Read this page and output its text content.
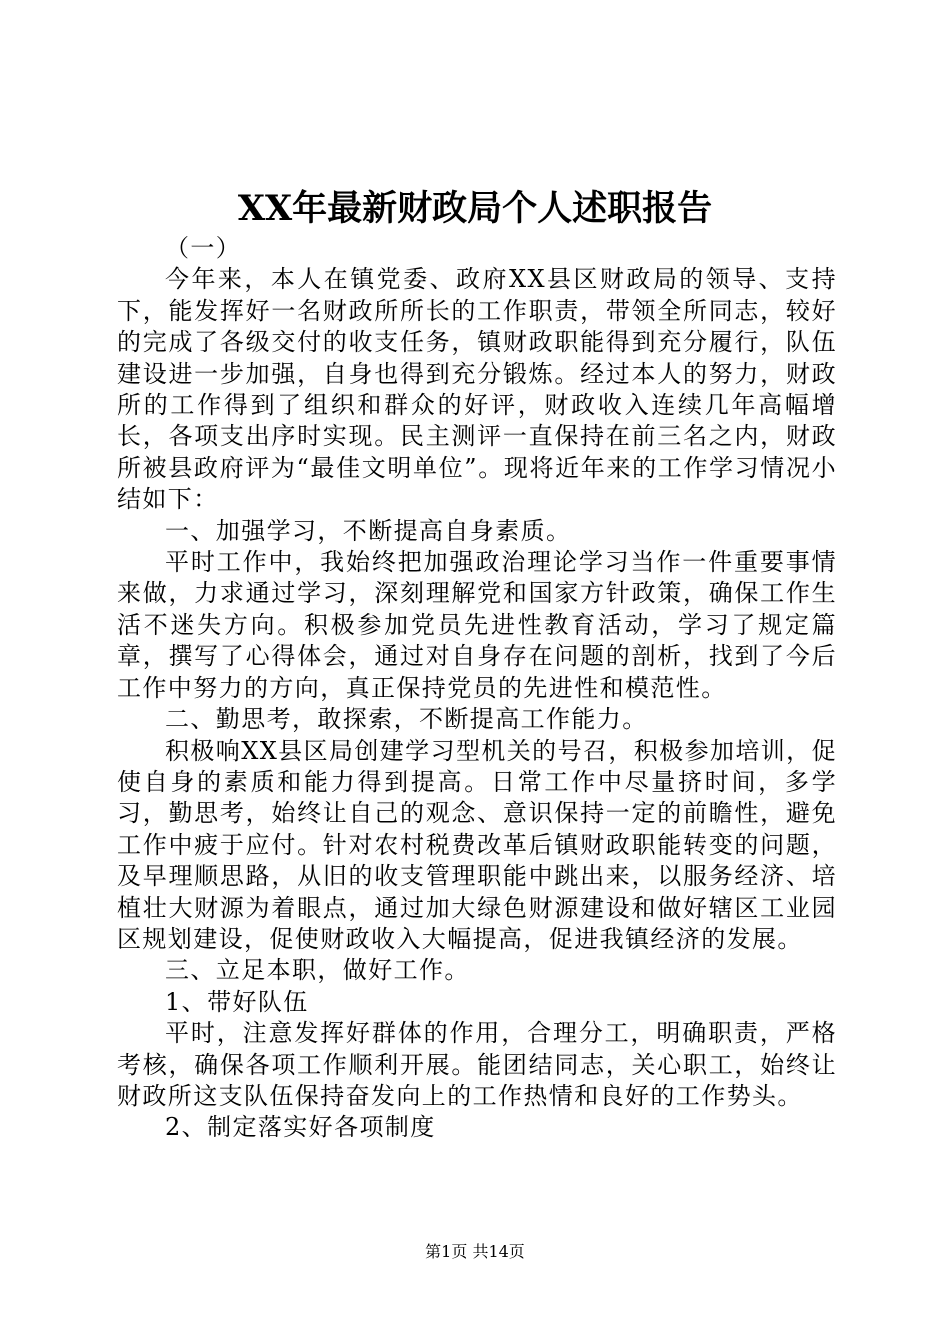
XX年最新财政局个人述职报告

（一）

今年来，本人在镇党委、政府XX县区财政局的领导、支持下，能发挥好一名财政所所长的工作职责，带领全所同志，较好的完成了各级交付的收支任务，镇财政职能得到充分履行，队伍建设进一步加强，自身也得到充分锻炼。经过本人的努力，财政所的工作得到了组织和群众的好评，财政收入连续几年高幅增长，各项支出序时实现。民主测评一直保持在前三名之内，财政所被县政府评为“最佳文明单位”。现将近年来的工作学习情况小结如下：

一、加强学习，不断提高自身素质。

平时工作中，我始终把加强政治理论学习当作一件重要事情来做，力求通过学习，深刻理解党和国家方针政策，确保工作生活不迷失方向。积极参加党员先进性教育活动，学习了规定篇章，撰写了心得体会，通过对自身存在问题的剖析，找到了今后工作中努力的方向，真正保持党员的先进性和模范性。

二、勤思考，敢探索，不断提高工作能力。

积极响XX县区局创建学习型机关的号召，积极参加培训，促使自身的素质和能力得到提高。日常工作中尽量挤时间，多学习，勤思考，始终让自己的观念、意识保持一定的前瞻性，避免工作中疲于应付。针对农村税费改革后镇财政职能转变的问题，及早理顺思路，从旧的收支管理职能中跳出来，以服务经济、培植壮大财源为着眼点，通过加大绿色财源建设和做好辖区工业园区规划建设，促使财政收入大幅提高，促进我镇经济的发展。

三、立足本职，做好工作。

1、带好队伍

平时，注意发挥好群体的作用，合理分工，明确职责，严格考核，确保各项工作顺利开展。能团结同志，关心职工，始终让财政所这支队伍保持奋发向上的工作热情和良好的工作势头。

2、制定落实好各项制度

第1页 共14页
